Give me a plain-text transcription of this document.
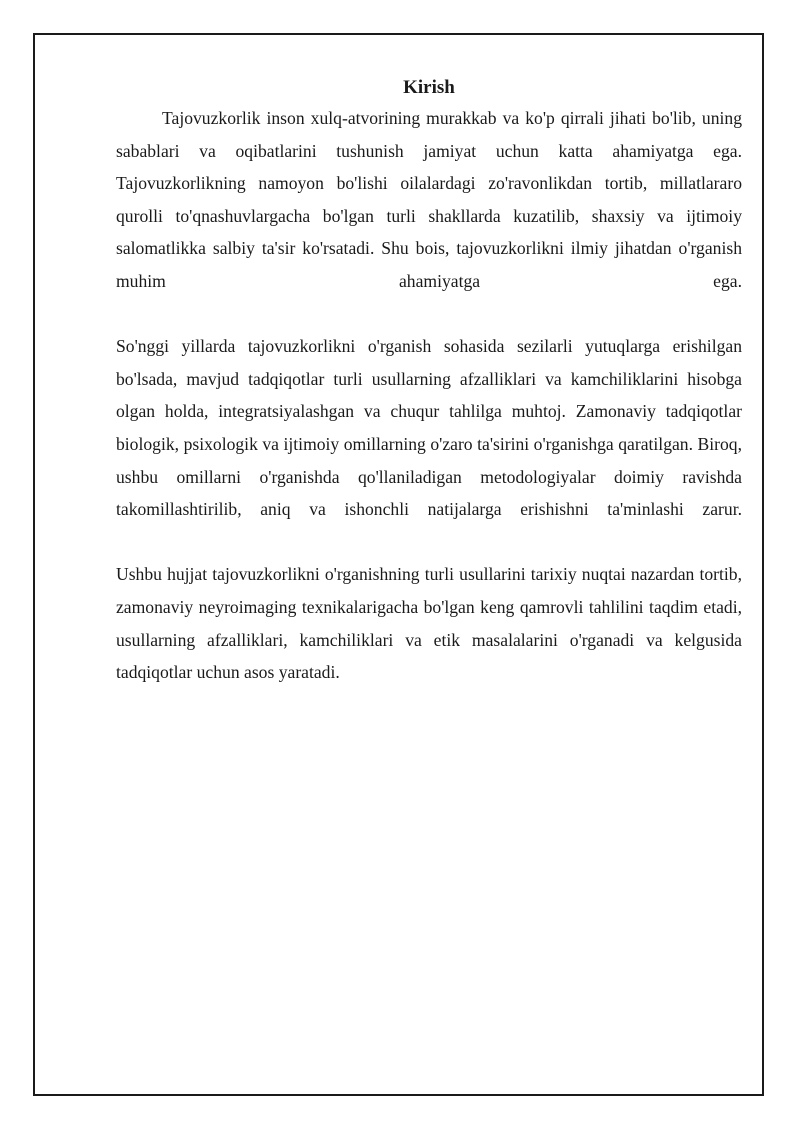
Kirish

Tajovuzkorlik inson xulq-atvorining murakkab va ko'p qirrali jihati bo'lib, uning sabablari va oqibatlarini tushunish jamiyat uchun katta ahamiyatga ega. Tajovuzkorlikning namoyon bo'lishi oilalardagi zo'ravonlikdan tortib, millatlararo qurolli to'qnashuvlargacha bo'lgan turli shakllarda kuzatilib, shaxsiy va ijtimoiy salomatlikka salbiy ta'sir ko'rsatadi. Shu bois, tajovuzkorlikni ilmiy jihatdan o'rganish muhim ahamiyatga ega.

So'nggi yillarda tajovuzkorlikni o'rganish sohasida sezilarli yutuqlarga erishilgan bo'lsada, mavjud tadqiqotlar turli usullarning afzalliklari va kamchiliklarini hisobga olgan holda, integratsiyalashgan va chuqur tahlilga muhtoj. Zamonaviy tadqiqotlar biologik, psixologik va ijtimoiy omillarning o'zaro ta'sirini o'rganishga qaratilgan. Biroq, ushbu omillarni o'rganishda qo'llaniladigan metodologiyalar doimiy ravishda takomillashtirilib, aniq va ishonchli natijalarga erishishni ta'minlashi zarur.

Ushbu hujjat tajovuzkorlikni o'rganishning turli usullarini tarixiy nuqtai nazardan tortib, zamonaviy neyroimaging texnikalarigacha bo'lgan keng qamrovli tahlilini taqdim etadi, usullarning afzalliklari, kamchiliklari va etik masalalarini o'rganadi va kelgusida tadqiqotlar uchun asos yaratadi.
